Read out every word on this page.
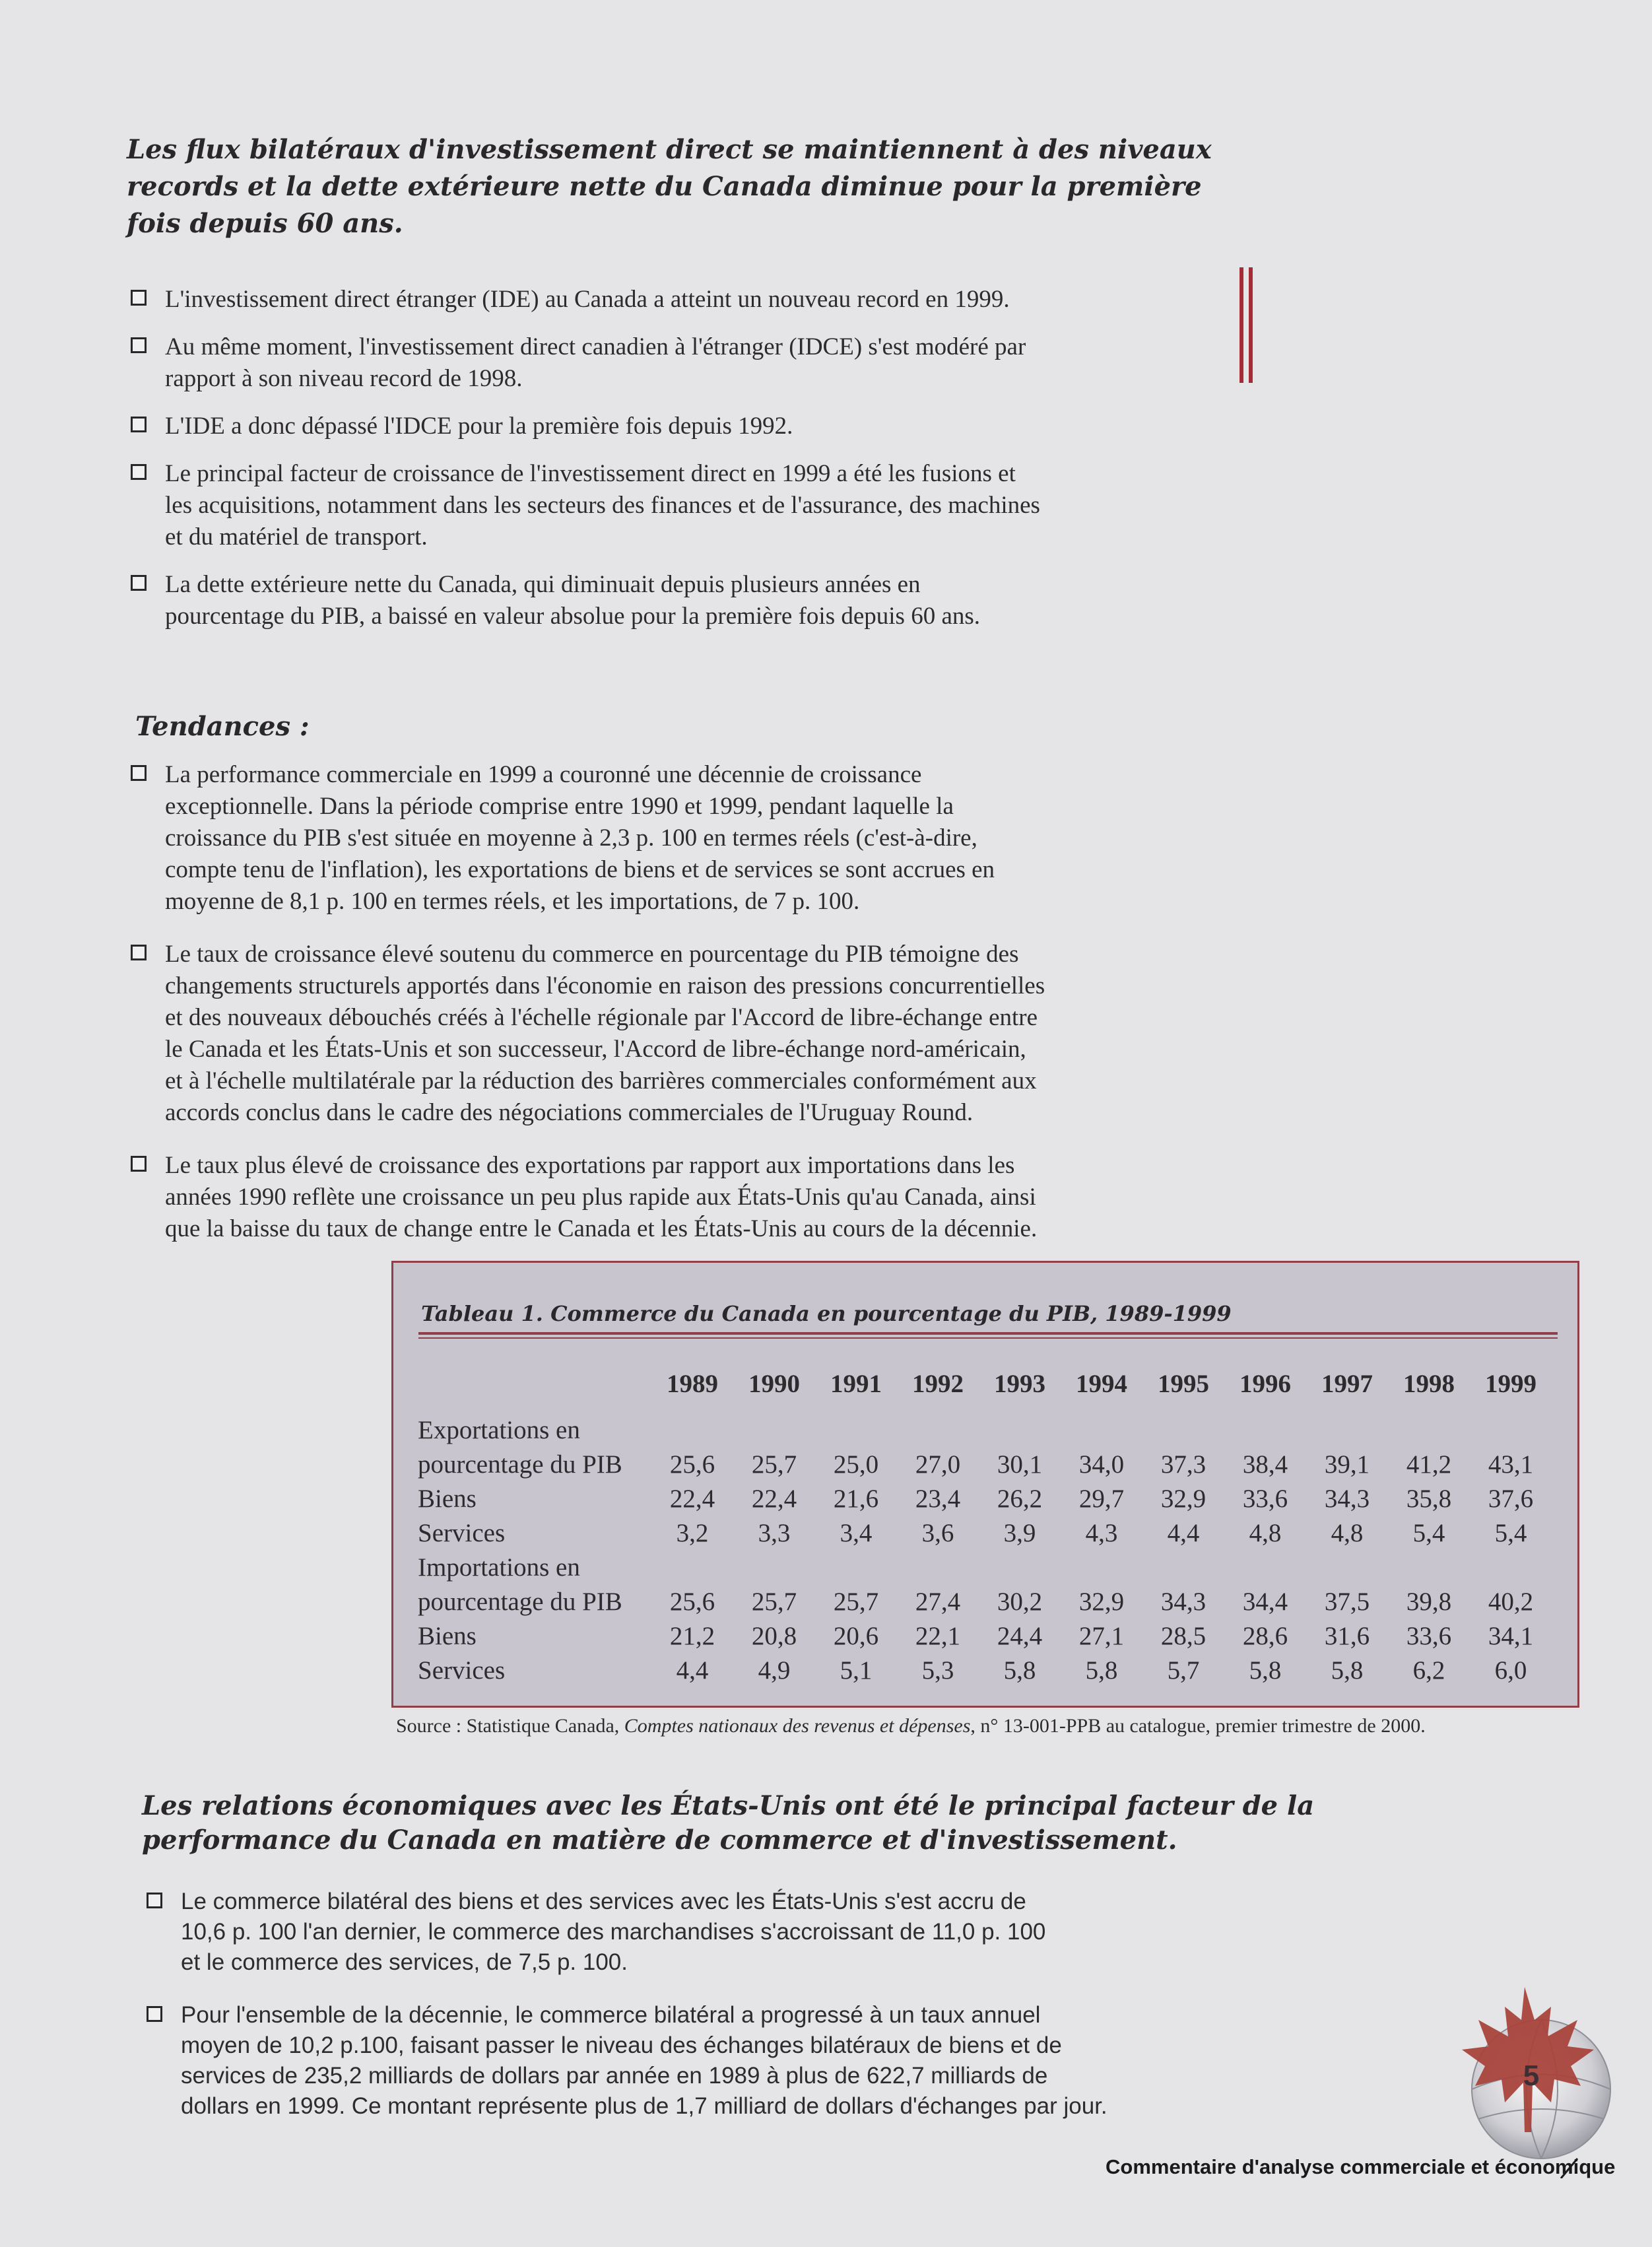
Les flux bilatéraux d'investissement direct se maintiennent à des niveaux
records et la dette extérieure nette du Canada diminue pour la première
fois depuis 60 ans.
L'investissement direct étranger (IDE) au Canada a atteint un nouveau record en 1999.
Au même moment, l'investissement direct canadien à l'étranger (IDCE) s'est modéré par
rapport à son niveau record de 1998.
L'IDE a donc dépassé l'IDCE pour la première fois depuis 1992.
Le principal facteur de croissance de l'investissement direct en 1999 a été les fusions et
les acquisitions, notamment dans les secteurs des finances et de l'assurance, des machines
et du matériel de transport.
La dette extérieure nette du Canada, qui diminuait depuis plusieurs années en
pourcentage du PIB, a baissé en valeur absolue pour la première fois depuis 60 ans.
Tendances :
La performance commerciale en 1999 a couronné une décennie de croissance
exceptionnelle. Dans la période comprise entre 1990 et 1999, pendant laquelle la
croissance du PIB s'est située en moyenne à 2,3 p. 100 en termes réels (c'est-à-dire,
compte tenu de l'inflation), les exportations de biens et de services se sont accrues en
moyenne de 8,1 p. 100 en termes réels, et les importations, de 7 p. 100.
Le taux de croissance élevé soutenu du commerce en pourcentage du PIB témoigne des
changements structurels apportés dans l'économie en raison des pressions concurrentielles
et des nouveaux débouchés créés à l'échelle régionale par l'Accord de libre-échange entre
le Canada et les États-Unis et son successeur, l'Accord de libre-échange nord-américain,
et à l'échelle multilatérale par la réduction des barrières commerciales conformément aux
accords conclus dans le cadre des négociations commerciales de l'Uruguay Round.
Le taux plus élevé de croissance des exportations par rapport aux importations dans les
années 1990 reflète une croissance un peu plus rapide aux États-Unis qu'au Canada, ainsi
que la baisse du taux de change entre le Canada et les États-Unis au cours de la décennie.
Tableau 1. Commerce du Canada en pourcentage du PIB, 1989-1999
	1989	1990	1991	1992	1993	1994	1995	1996	1997	1998	1999
Exportations en											
pourcentage du PIB	25,6	25,7	25,0	27,0	30,1	34,0	37,3	38,4	39,1	41,2	43,1
Biens	22,4	22,4	21,6	23,4	26,2	29,7	32,9	33,6	34,3	35,8	37,6
Services	3,2	3,3	3,4	3,6	3,9	4,3	4,4	4,8	4,8	5,4	5,4
Importations en											
pourcentage du PIB	25,6	25,7	25,7	27,4	30,2	32,9	34,3	34,4	37,5	39,8	40,2
Biens	21,2	20,8	20,6	22,1	24,4	27,1	28,5	28,6	31,6	33,6	34,1
Services	4,4	4,9	5,1	5,3	5,8	5,8	5,7	5,8	5,8	6,2	6,0
Source : Statistique Canada, Comptes nationaux des revenus et dépenses, n° 13-001-PPB au catalogue, premier trimestre de 2000.
Les relations économiques avec les États-Unis ont été le principal facteur de la
performance du Canada en matière de commerce et d'investissement.
Le commerce bilatéral des biens et des services avec les États-Unis s'est accru de
10,6 p. 100 l'an dernier, le commerce des marchandises s'accroissant de 11,0 p. 100
et le commerce des services, de 7,5 p. 100.
Pour l'ensemble de la décennie, le commerce bilatéral a progressé à un taux annuel
moyen de 10,2 p.100, faisant passer le niveau des échanges bilatéraux de biens et de
services de 235,2 milliards de dollars par année en 1989 à plus de 622,7 milliards de
dollars en 1999. Ce montant représente plus de 1,7 milliard de dollars d'échanges par jour.
5
Commentaire d'analyse commerciale et économique
